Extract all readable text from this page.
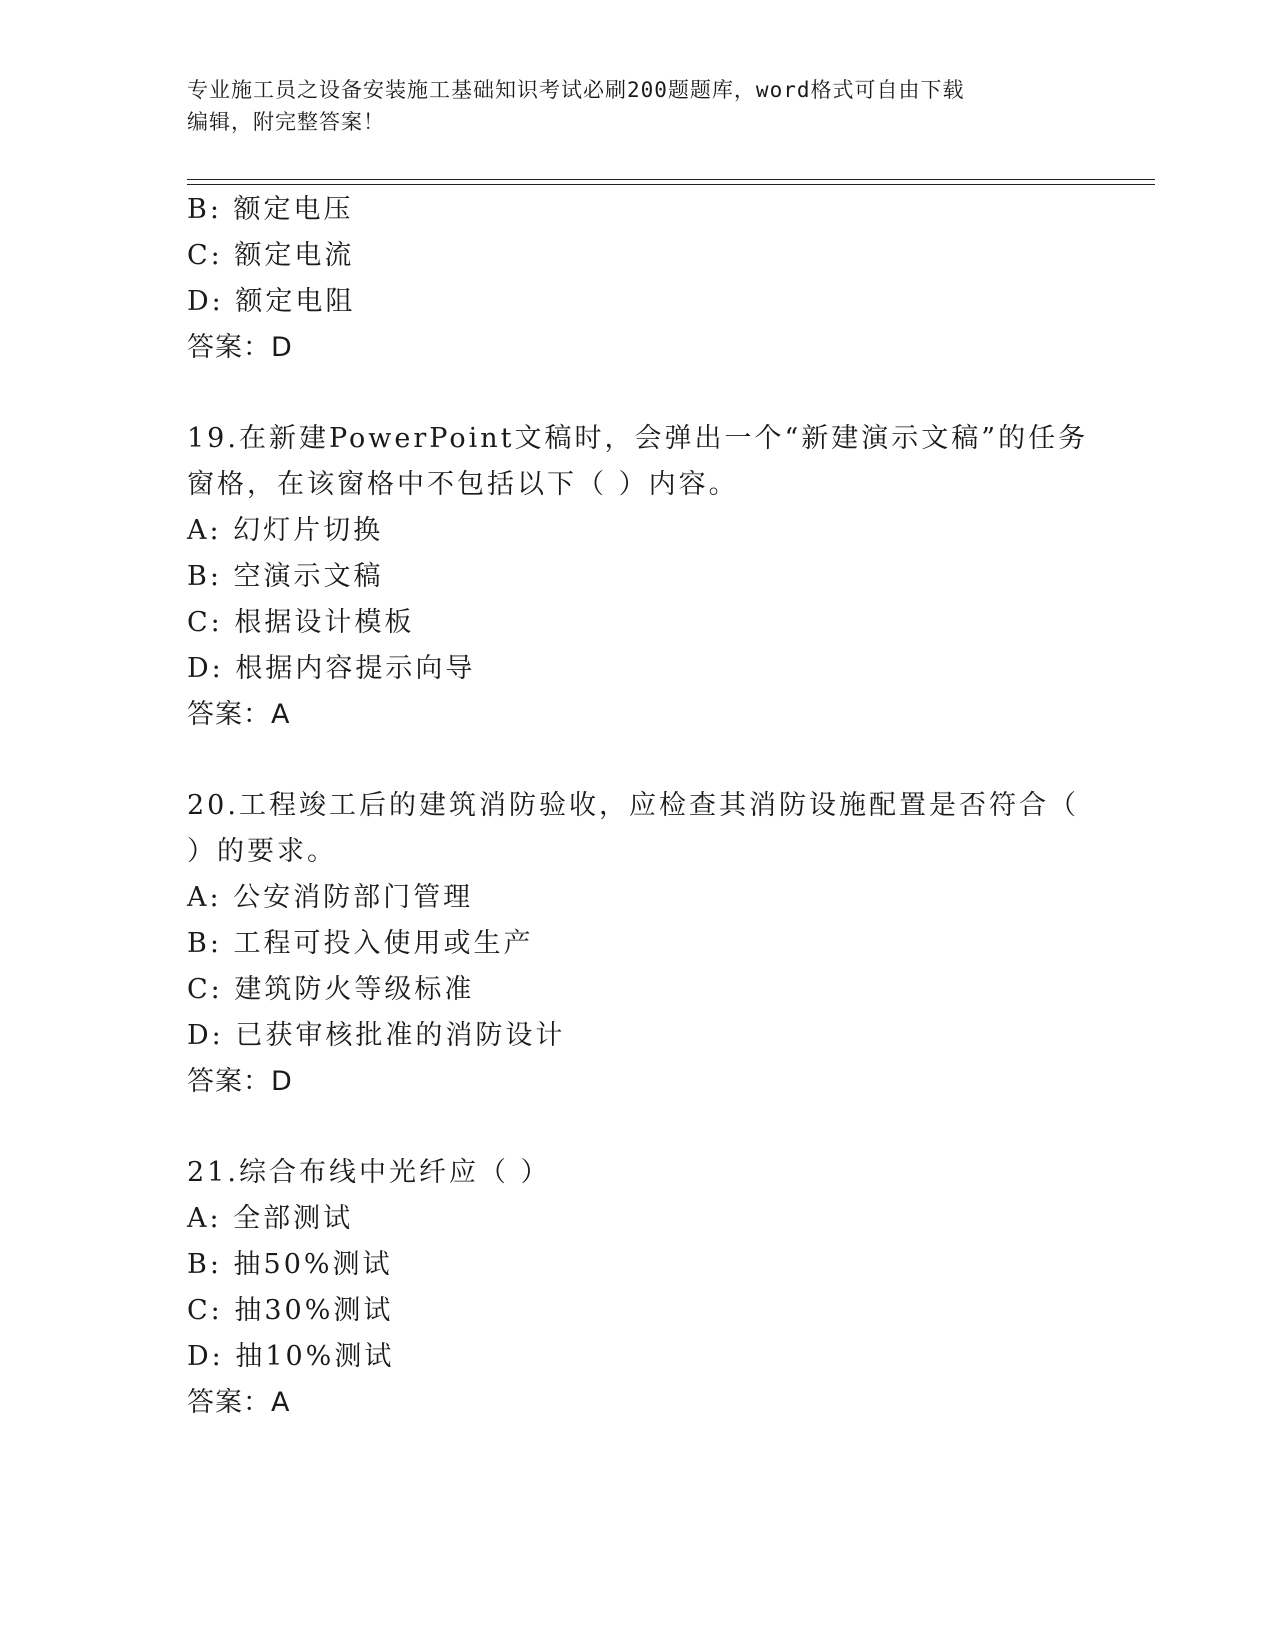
专业施工员之设备安装施工基础知识考试必刷200题题库，word格式可自由下载
编辑，附完整答案！
B: 额定电压
C: 额定电流
D: 额定电阻
答案：D
19.在新建PowerPoint文稿时，会弹出一个“新建演示文稿”的任务
窗格，在该窗格中不包括以下（ ）内容。
A: 幻灯片切换
B: 空演示文稿
C: 根据设计模板
D: 根据内容提示向导
答案：A
20.工程竣工后的建筑消防验收，应检查其消防设施配置是否符合（
）的要求。
A: 公安消防部门管理
B: 工程可投入使用或生产
C: 建筑防火等级标准
D: 已获审核批准的消防设计
答案：D
21.综合布线中光纤应（ ）
A: 全部测试
B: 抽50%测试
C: 抽30%测试
D: 抽10%测试
答案：A
